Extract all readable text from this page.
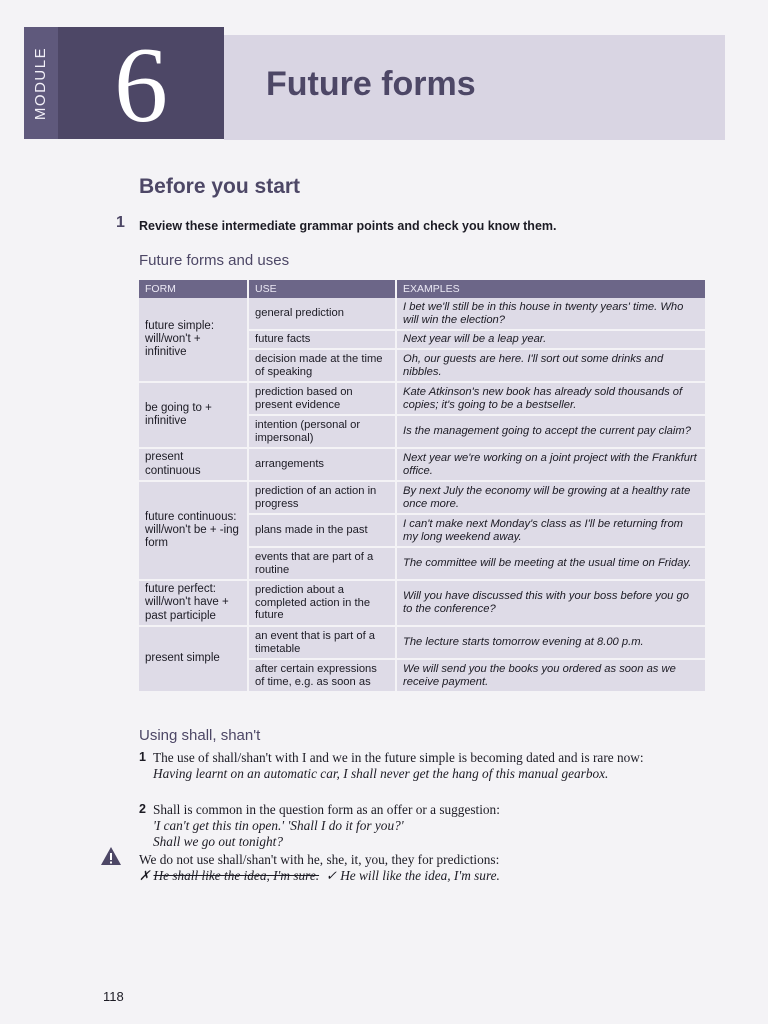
MODULE 6	Future forms
Before you start
1 Review these intermediate grammar points and check you know them.
Future forms and uses
FORM	USE	EXAMPLES
future simple: will/won't + infinitive	general prediction	I bet we'll still be in this house in twenty years' time. Who will win the election?
	future facts	Next year will be a leap year.
	decision made at the time of speaking	Oh, our guests are here. I'll sort out some drinks and nibbles.
be going to + infinitive	prediction based on present evidence	Kate Atkinson's new book has already sold thousands of copies; it's going to be a bestseller.
	intention (personal or impersonal)	Is the management going to accept the current pay claim?
present continuous	arrangements	Next year we're working on a joint project with the Frankfurt office.
future continuous: will/won't be + -ing form	prediction of an action in progress	By next July the economy will be growing at a healthy rate once more.
	plans made in the past	I can't make next Monday's class as I'll be returning from my long weekend away.
	events that are part of a routine	The committee will be meeting at the usual time on Friday.
future perfect: will/won't have + past participle	prediction about a completed action in the future	Will you have discussed this with your boss before you go to the conference?
present simple	an event that is part of a timetable	The lecture starts tomorrow evening at 8.00 p.m.
	after certain expressions of time, e.g. as soon as	We will send you the books you ordered as soon as we receive payment.
Using shall, shan't
1 The use of shall/shan't with I and we in the future simple is becoming dated and is rare now:
Having learnt on an automatic car, I shall never get the hang of this manual gearbox.
2 Shall is common in the question form as an offer or a suggestion:
'I can't get this tin open.' 'Shall I do it for you?'
Shall we go out tonight?
We do not use shall/shan't with he, she, it, you, they for predictions:
✗ He shall like the idea, I'm sure. ✓ He will like the idea, I'm sure.
118
